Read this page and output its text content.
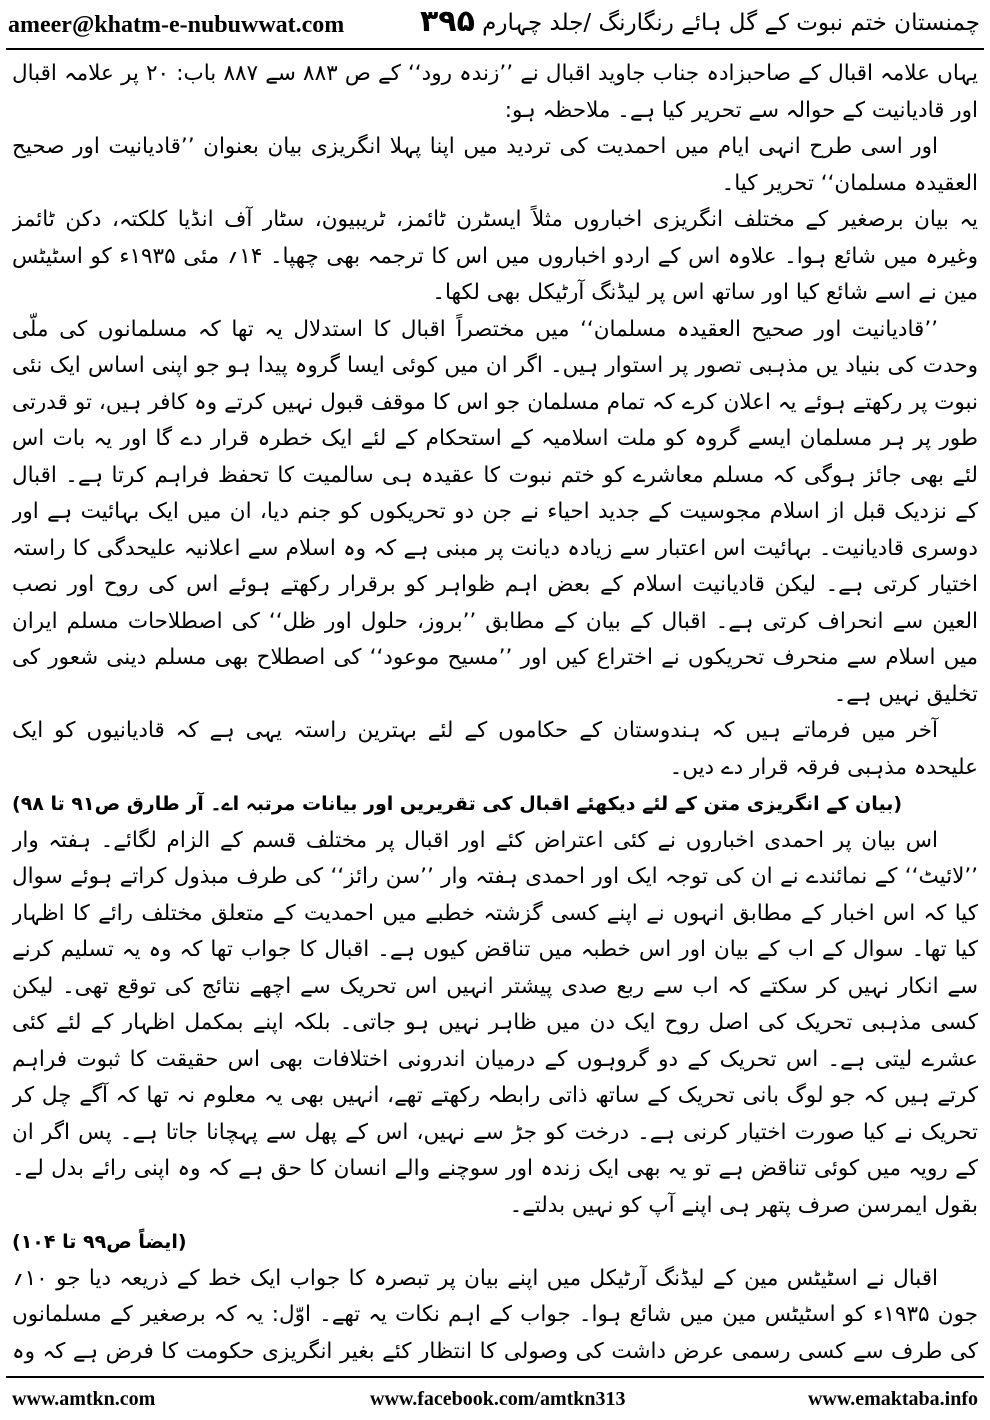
ameer@khatm-e-nubuwwat.com	۳۹۵ چمنستان ختم نبوت کے گل ہائے رنگارنگ /جلد چہارم

یہاں علامہ اقبال کے صاحبزادہ جناب جاوید اقبال نے ’’زندہ رود‘‘ کے ص ۸۸۳ سے ۸۸۷ باب: ۲۰ پر علامہ اقبال اور قادیانیت کے حوالہ سے تحریر کیا ہے۔ ملاحظہ ہو:

اور اسی طرح انہی ایام میں احمدیت کی تردید میں اپنا پہلا انگریزی بیان بعنوان ’’قادیانیت اور صحیح العقیدہ مسلمان‘‘ تحریر کیا۔

یہ بیان برصغیر کے مختلف انگریزی اخباروں مثلاً ایسٹرن ٹائمز، ٹریبیون، سٹار آف انڈیا کلکتہ، دکن ٹائمز وغیرہ میں شائع ہوا۔ علاوہ اس کے اردو اخباروں میں اس کا ترجمہ بھی چھپا۔ ۱۴؍ مئی ۱۹۳۵ء کو اسٹیٹس مین نے اسے شائع کیا اور ساتھ اس پر لیڈنگ آرٹیکل بھی لکھا۔

’’قادیانیت اور صحیح العقیدہ مسلمان‘‘ میں مختصراً اقبال کا استدلال یہ تھا کہ مسلمانوں کی ملّی وحدت کی بنیاد یں مذہبی تصور پر استوار ہیں۔ اگر ان میں کوئی ایسا گروہ پیدا ہو جو اپنی اساس ایک نئی نبوت پر رکھتے ہوئے یہ اعلان کرے کہ تمام مسلمان جو اس کا موقف قبول نہیں کرتے وہ کافر ہیں، تو قدرتی طور پر ہر مسلمان ایسے گروہ کو ملت اسلامیہ کے استحکام کے لئے ایک خطرہ قرار دے گا اور یہ بات اس لئے بھی جائز ہوگی کہ مسلم معاشرے کو ختم نبوت کا عقیدہ ہی سالمیت کا تحفظ فراہم کرتا ہے۔ اقبال کے نزدیک قبل از اسلام مجوسیت کے جدید احیاء نے جن دو تحریکوں کو جنم دیا، ان میں ایک بہائیت ہے اور دوسری قادیانیت۔ بہائیت اس اعتبار سے زیادہ دیانت پر مبنی ہے کہ وہ اسلام سے اعلانیہ علیحدگی کا راستہ اختیار کرتی ہے۔ لیکن قادیانیت اسلام کے بعض اہم ظواہر کو برقرار رکھتے ہوئے اس کی روح اور نصب العین سے انحراف کرتی ہے۔ اقبال کے بیان کے مطابق ’’بروز، حلول اور ظل‘‘ کی اصطلاحات مسلم ایران میں اسلام سے منحرف تحریکوں نے اختراع کیں اور ’’مسیح موعود‘‘ کی اصطلاح بھی مسلم دینی شعور کی تخلیق نہیں ہے۔

آخر میں فرماتے ہیں کہ ہندوستان کے حکاموں کے لئے بہترین راستہ یہی ہے کہ قادیانیوں کو ایک علیحدہ مذہبی فرقہ قرار دے دیں۔

(بیان کے انگریزی متن کے لئے دیکھئے اقبال کی تقریریں اور بیانات مرتبہ اے۔ آر طارق ص۹۱ تا ۹۸)

اس بیان پر احمدی اخباروں نے کئی اعتراض کئے اور اقبال پر مختلف قسم کے الزام لگائے۔ ہفتہ وار ’’لائیٹ‘‘ کے نمائندے نے ان کی توجہ ایک اور احمدی ہفتہ وار ’’سن رائز‘‘ کی طرف مبذول کراتے ہوئے سوال کیا کہ اس اخبار کے مطابق انہوں نے اپنے کسی گزشتہ خطبے میں احمدیت کے متعلق مختلف رائے کا اظہار کیا تھا۔ سوال کے اب کے بیان اور اس خطبہ میں تناقض کیوں ہے۔ اقبال کا جواب تھا کہ وہ یہ تسلیم کرنے سے انکار نہیں کر سکتے کہ اب سے ربع صدی پیشتر انہیں اس تحریک سے اچھے نتائج کی توقع تھی۔ لیکن کسی مذہبی تحریک کی اصل روح ایک دن میں ظاہر نہیں ہو جاتی۔ بلکہ اپنے بمکمل اظہار کے لئے کئی عشرے لیتی ہے۔ اس تحریک کے دو گروہوں کے درمیان اندرونی اختلافات بھی اس حقیقت کا ثبوت فراہم کرتے ہیں کہ جو لوگ بانی تحریک کے ساتھ ذاتی رابطہ رکھتے تھے، انہیں بھی یہ معلوم نہ تھا کہ آگے چل کر تحریک نے کیا صورت اختیار کرنی ہے۔ درخت کو جڑ سے نہیں، اس کے پھل سے پہچانا جاتا ہے۔ پس اگر ان کے رویہ میں کوئی تناقض ہے تو یہ بھی ایک زندہ اور سوچنے والے انسان کا حق ہے کہ وہ اپنی رائے بدل لے۔ بقول ایمرسن صرف پتھر ہی اپنے آپ کو نہیں بدلتے۔

(ایضاً ص۹۹ تا ۱۰۴)

اقبال نے اسٹیٹس مین کے لیڈنگ آرٹیکل میں اپنے بیان پر تبصرہ کا جواب ایک خط کے ذریعہ دیا جو ۱۰؍ جون ۱۹۳۵ء کو اسٹیٹس مین میں شائع ہوا۔ جواب کے اہم نکات یہ تھے۔ اوّل: یہ کہ برصغیر کے مسلمانوں کی طرف سے کسی رسمی عرض داشت کی وصولی کا انتظار کئے بغیر انگریزی حکومت کا فرض ہے کہ وہ

www.amtkn.com	www.facebook.com/amtkn313	www.emaktaba.info
